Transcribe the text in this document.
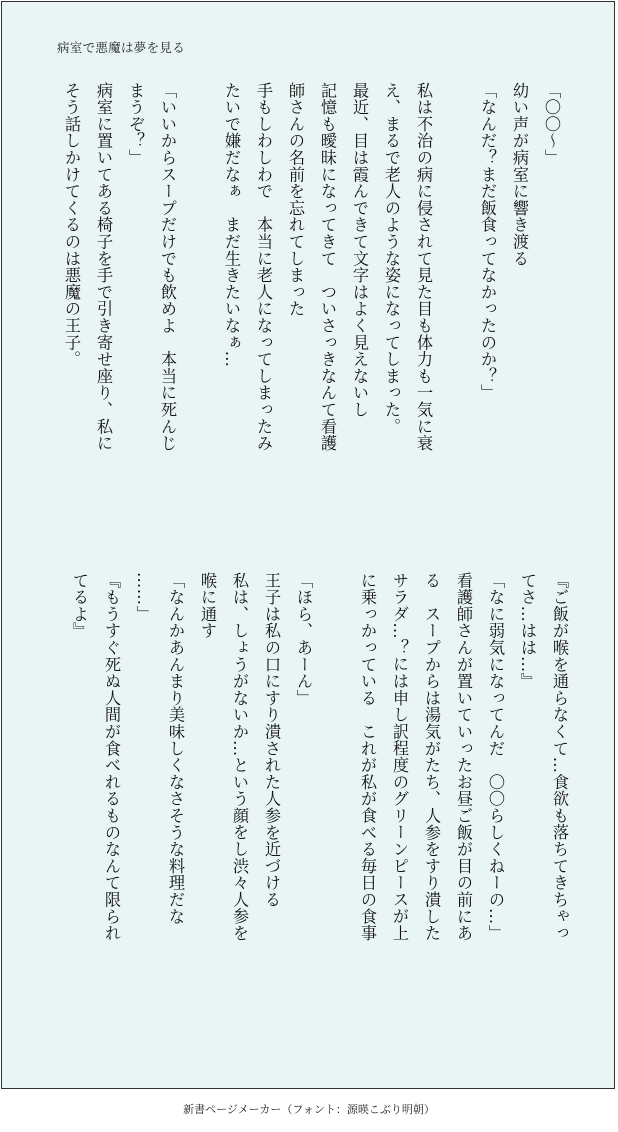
病室で悪魔は夢を見る
「〇〇〜」
幼い声が病室に響き渡る
「なんだ？まだ飯食ってなかったのか？」

私は不治の病に侵されて見た目も体力も一気に衰
え、まるで老人のような姿になってしまった。
最近、目は霞んできて文字はよく見えないし
記憶も曖昧になってきて　ついさっきなんて看護
師さんの名前を忘れてしまった
手もしわしわで　本当に老人になってしまったみ
たいで嫌だなぁ　まだ生きたいなぁ…

「いいからスープだけでも飲めよ　本当に死んじ
まうぞ？」
病室に置いてある椅子を手で引き寄せ座り、私に
そう話しかけてくるのは悪魔の王子。
『ご飯が喉を通らなくて…食欲も落ちてきちゃっ
てさ…はは…』
「なに弱気になってんだ　〇〇らしくねーの…」
看護師さんが置いていったお昼ご飯が目の前にあ
る　スープからは湯気がたち、人参をすり潰した
サラダ…？には申し訳程度のグリーンピースが上
に乗っかっている　これが私が食べる毎日の食事

「ほら、あーん」
王子は私の口にすり潰された人参を近づける
私は、しょうがないか…という顔をし渋々人参を
喉に通す
「なんかあんまり美味しくなさそうな料理だな
……」
『もうすぐ死ぬ人間が食べれるものなんて限られ
てるよ』
新書ページメーカー（フォント：源暎こぶり明朝）
